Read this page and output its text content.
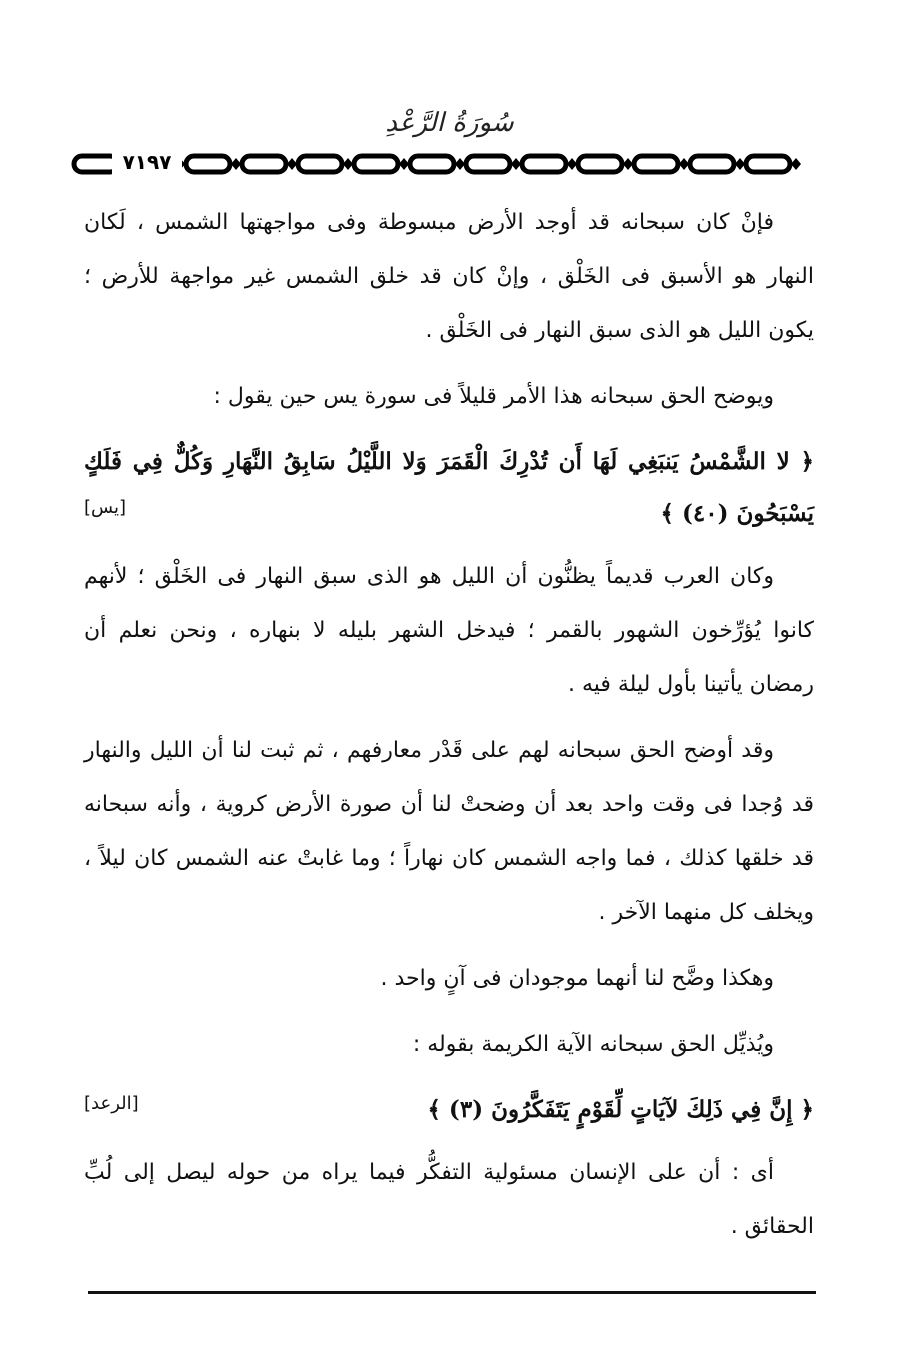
سُورَةُ الرَّعْدِ
٧١٩٧

فإنْ كان سبحانه قد أوجد الأرض مبسوطة وفى مواجهتها الشمس ، لَكان النهار هو الأسبق فى الخَلْق ، وإنْ كان قد خلق الشمس غير مواجهة للأرض ؛ يكون الليل هو الذى سبق النهار فى الخَلْق .

ويوضح الحق سبحانه هذا الأمر قليلاً فى سورة يس حين يقول :

﴿ لا الشَّمْسُ يَنبَغِي لَهَا أَن تُدْرِكَ الْقَمَرَ وَلا اللَّيْلُ سَابِقُ النَّهَارِ وَكُلٌّ فِي فَلَكٍ يَسْبَحُونَ (٤٠) ﴾
[يس]

وكان العرب قديماً يظنُّون أن الليل هو الذى سبق النهار فى الخَلْق ؛ لأنهم كانوا يُؤرِّخون الشهور بالقمر ؛ فيدخل الشهر بليله لا بنهاره ، ونحن نعلم أن رمضان يأتينا بأول ليلة فيه .

وقد أوضح الحق سبحانه لهم على قَدْر معارفهم ، ثم ثبت لنا أن الليل والنهار قد وُجدا فى وقت واحد بعد أن وضحتْ لنا أن صورة الأرض كروية ، وأنه سبحانه قد خلقها كذلك ، فما واجه الشمس كان نهاراً ؛ وما غابتْ عنه الشمس كان ليلاً ، ويخلف كل منهما الآخر .

وهكذا وضَّح لنا أنهما موجودان فى آنٍ واحد .

ويُذيِّل الحق سبحانه الآية الكريمة بقوله :

﴿ إِنَّ فِي ذَلِكَ لآيَاتٍ لِّقَوْمٍ يَتَفَكَّرُونَ (٣) ﴾
[الرعد]

أى : أن على الإنسان مسئولية التفكُّر فيما يراه من حوله ليصل إلى لُبِّ الحقائق .
